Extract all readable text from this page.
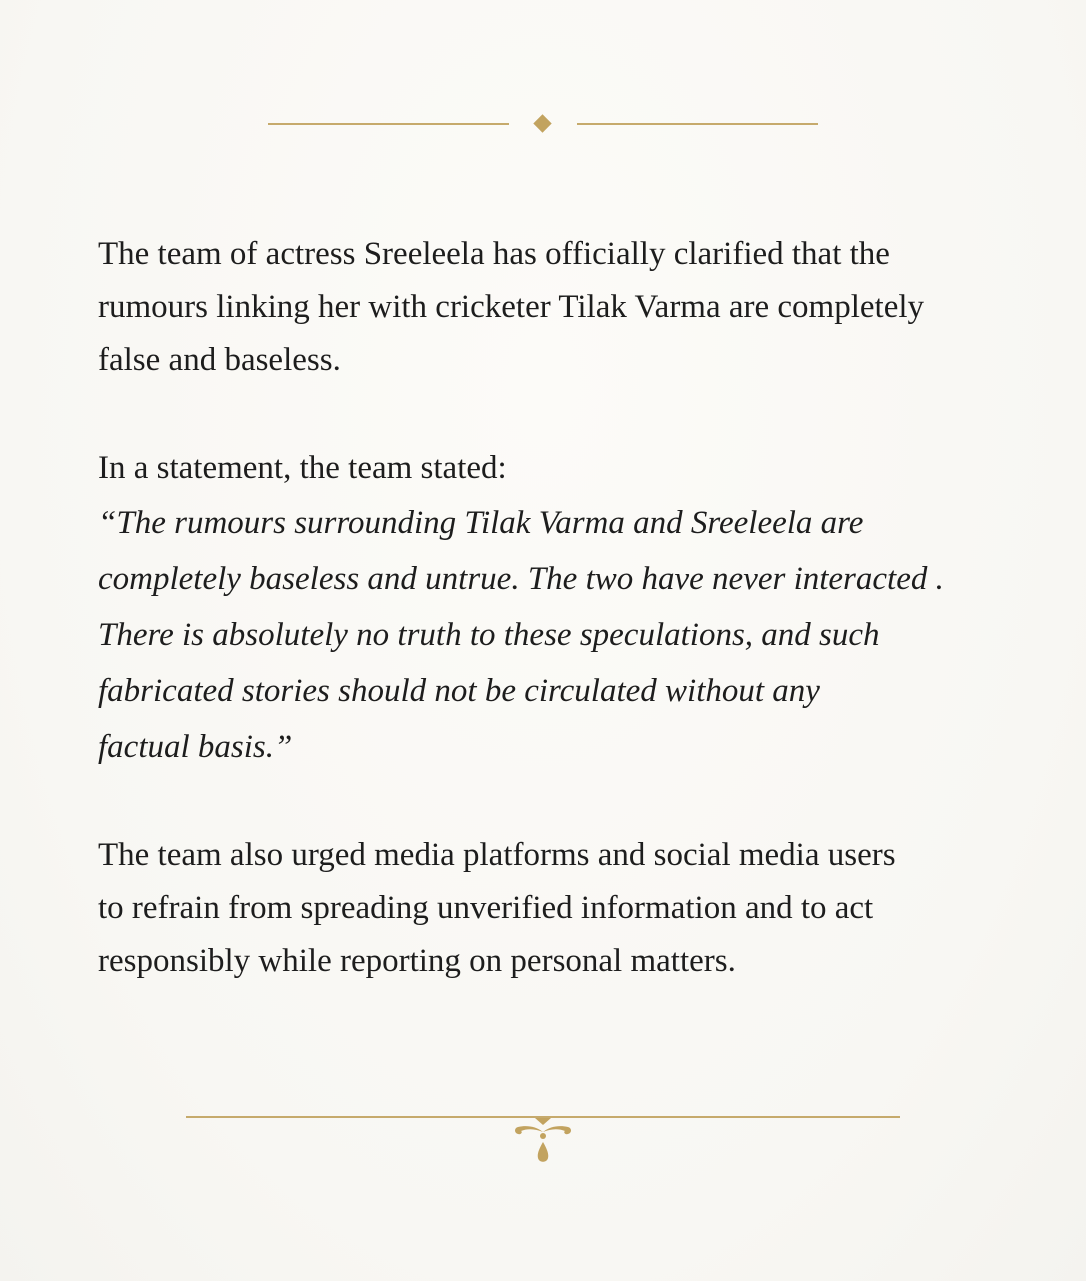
The team of actress Sreeleela has officially clarified that the
rumours linking her with cricketer Tilak Varma are completely
false and baseless.

In a statement, the team stated:

“The rumours surrounding Tilak Varma and Sreeleela are
completely baseless and untrue. The two have never interacted .
There is absolutely no truth to these speculations, and such
fabricated stories should not be circulated without any
factual basis.”

The team also urged media platforms and social media users
to refrain from spreading unverified information and to act
responsibly while reporting on personal matters.
